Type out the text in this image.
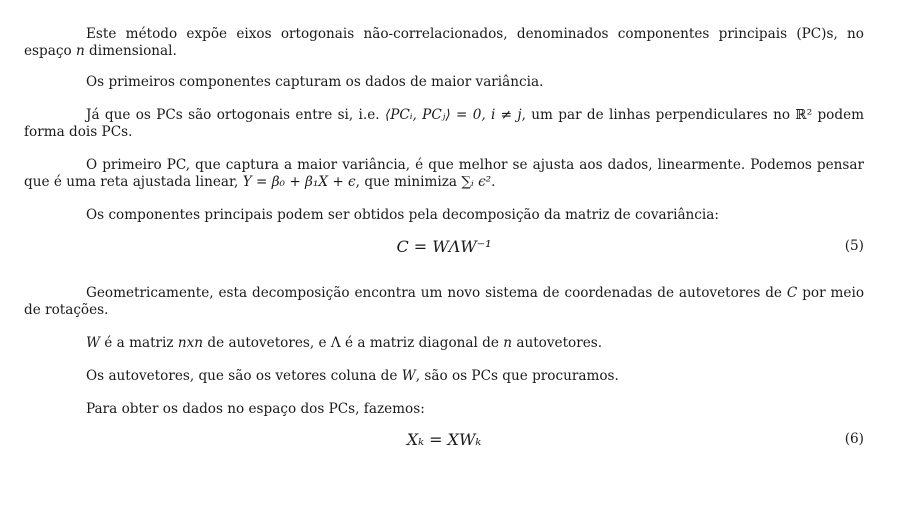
Este método expõe eixos ortogonais não-correlacionados, denominados componentes principais (PC)s, no espaço n dimensional.

Os primeiros componentes capturam os dados de maior variância.

Já que os PCs são ortogonais entre si, i.e. ⟨PCᵢ, PCⱼ⟩ = 0, i ≠ j, um par de linhas perpendiculares no ℝ² podem forma dois PCs.

O primeiro PC, que captura a maior variância, é que melhor se ajusta aos dados, linearmente. Podemos pensar que é uma reta ajustada linear, Y = β₀ + β₁X + ϵ, que minimiza ∑ᵢ ϵ².

Os componentes principais podem ser obtidos pela decomposição da matriz de covariância:

C = WΛW⁻¹	(5)

Geometricamente, esta decomposição encontra um novo sistema de coordenadas de autovetores de C por meio de rotações.

W é a matriz nxn de autovetores, e Λ é a matriz diagonal de n autovetores.

Os autovetores, que são os vetores coluna de W, são os PCs que procuramos.

Para obter os dados no espaço dos PCs, fazemos:

Xₖ = XWₖ	(6)
